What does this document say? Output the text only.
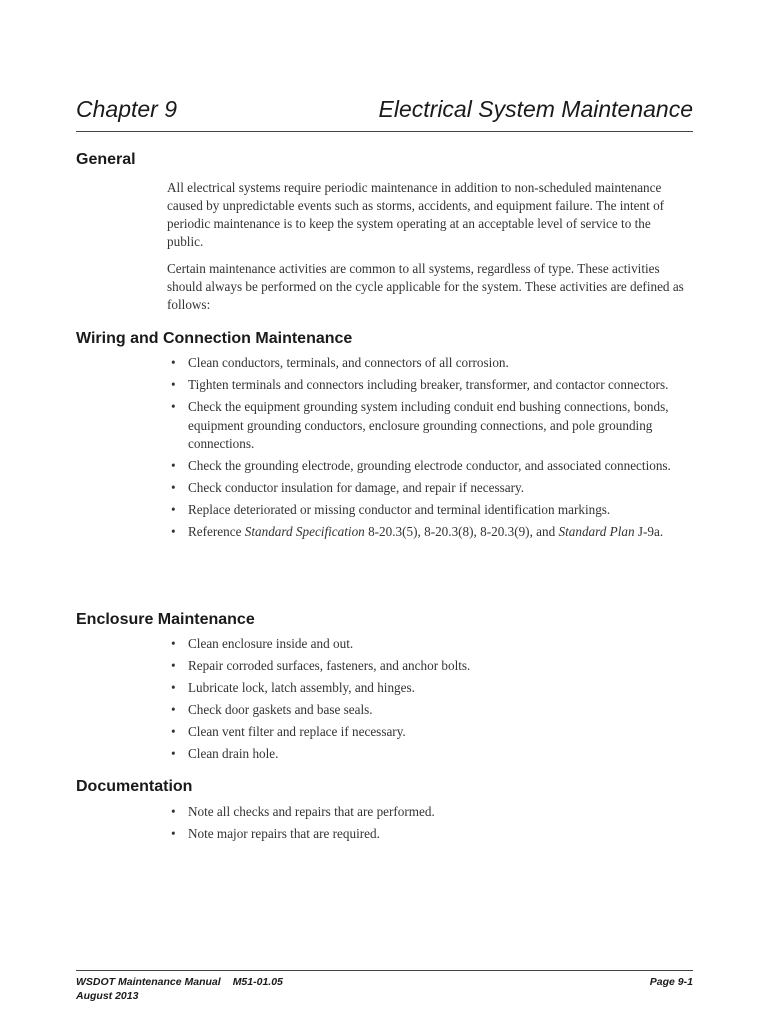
Chapter 9	Electrical System Maintenance
General

All electrical systems require periodic maintenance in addition to non-scheduled maintenance caused by unpredictable events such as storms, accidents, and equipment failure. The intent of periodic maintenance is to keep the system operating at an acceptable level of service to the public.

Certain maintenance activities are common to all systems, regardless of type. These activities should always be performed on the cycle applicable for the system. These activities are defined as follows:

Wiring and Connection Maintenance
• Clean conductors, terminals, and connectors of all corrosion.
• Tighten terminals and connectors including breaker, transformer, and contactor connectors.
• Check the equipment grounding system including conduit end bushing connections, bonds, equipment grounding conductors, enclosure grounding connections, and pole grounding connections.
• Check the grounding electrode, grounding electrode conductor, and associated connections.
• Check conductor insulation for damage, and repair if necessary.
• Replace deteriorated or missing conductor and terminal identification markings.
• Reference Standard Specification 8-20.3(5), 8-20.3(8), 8-20.3(9), and Standard Plan J-9a.
Enclosure Maintenance
• Clean enclosure inside and out.
• Repair corroded surfaces, fasteners, and anchor bolts.
• Lubricate lock, latch assembly, and hinges.
• Check door gaskets and base seals.
• Clean vent filter and replace if necessary.
• Clean drain hole.
Documentation
• Note all checks and repairs that are performed.
• Note major repairs that are required.
WSDOT Maintenance Manual M51-01.05
August 2013
Page 9-1
